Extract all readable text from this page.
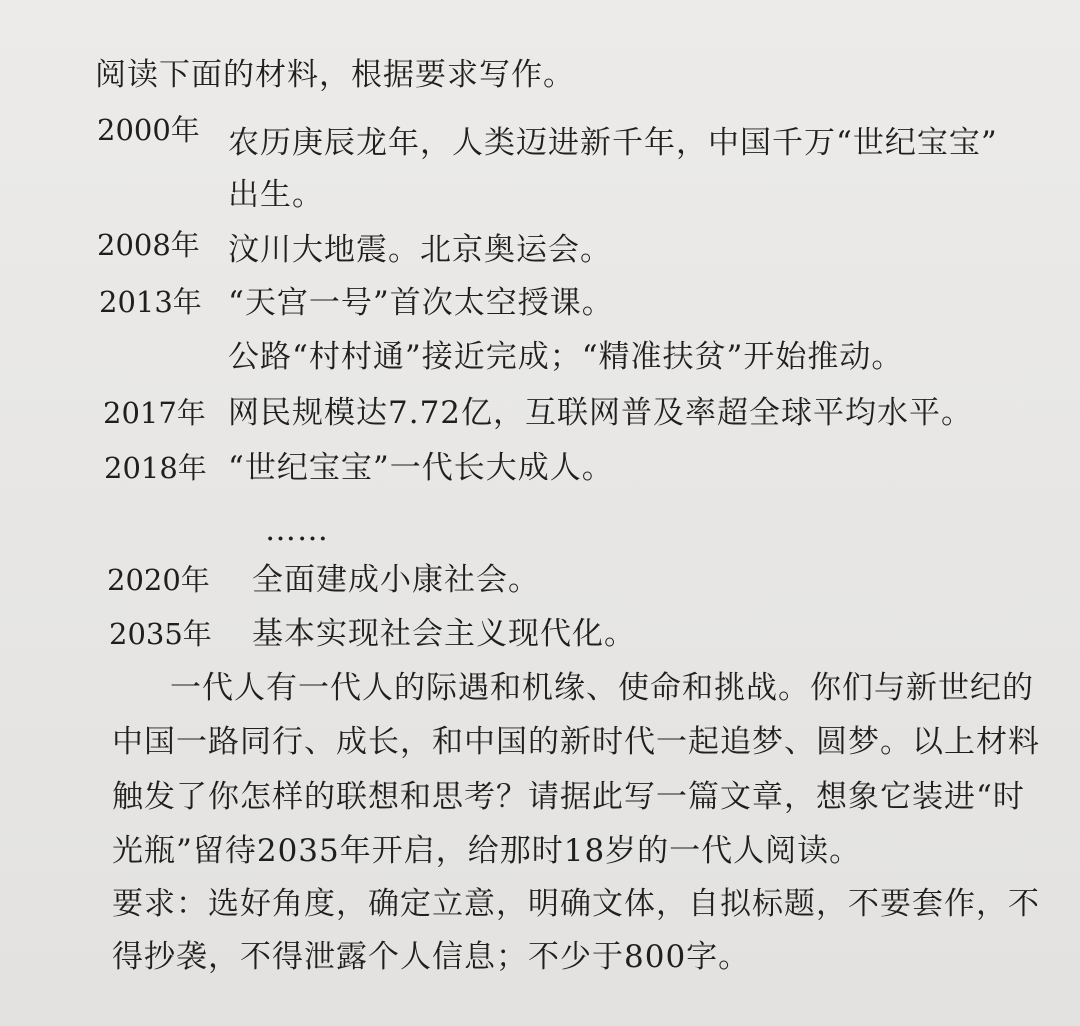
阅读下面的材料，根据要求写作。
2000年 农历庚辰龙年，人类迈进新千年，中国千万“世纪宝宝”
出生。
2008年 汶川大地震。北京奥运会。
2013年 “天宫一号”首次太空授课。
公路“村村通”接近完成；“精准扶贫”开始推动。
2017年 网民规模达7.72亿，互联网普及率超全球平均水平。
2018年 “世纪宝宝”一代长大成人。
……
2020年 全面建成小康社会。
2035年 基本实现社会主义现代化。
一代人有一代人的际遇和机缘、使命和挑战。你们与新世纪的
中国一路同行、成长，和中国的新时代一起追梦、圆梦。以上材料
触发了你怎样的联想和思考？请据此写一篇文章，想象它装进“时
光瓶”留待2035年开启，给那时18岁的一代人阅读。
要求：选好角度，确定立意，明确文体，自拟标题，不要套作，不
得抄袭，不得泄露个人信息；不少于800字。
